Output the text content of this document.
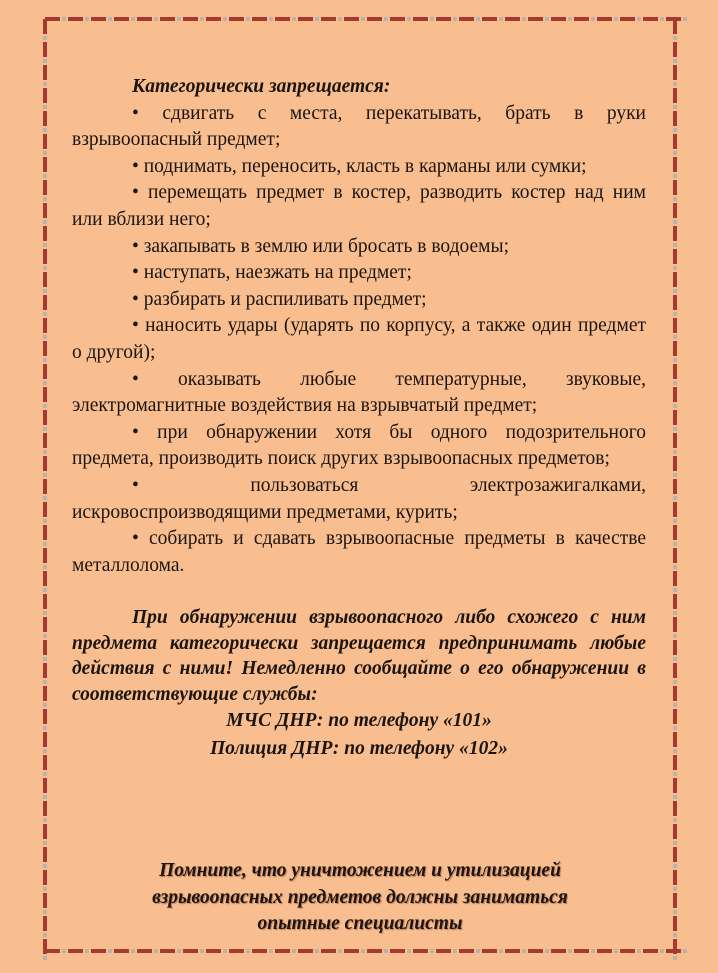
Категорически запрещается:

• сдвигать с места, перекатывать, брать в руки взрывоопасный предмет;

• поднимать, переносить, класть в карманы или сумки;

• перемещать предмет в костер, разводить костер над ним или вблизи него;

• закапывать в землю или бросать в водоемы;

• наступать, наезжать на предмет;

• разбирать и распиливать предмет;

• наносить удары (ударять по корпусу, а также один предмет о другой);

• оказывать любые температурные, звуковые, электромагнитные воздействия на взрывчатый предмет;

• при обнаружении хотя бы одного подозрительного предмета, производить поиск других взрывоопасных предметов;

•	пользоваться электрозажигалками, искровоспроизводящими предметами, курить;

• собирать и сдавать взрывоопасные предметы в качестве металлолома.

При обнаружении взрывоопасного либо схожего с ним предмета категорически запрещается предпринимать любые действия с ними! Немедленно сообщайте о его обнаружении в соответствующие службы:

МЧС ДНР: по телефону «101»

Полиция ДНР: по телефону «102»

Помните, что уничтожением и утилизацией взрывоопасных предметов должны заниматься опытные специалисты
